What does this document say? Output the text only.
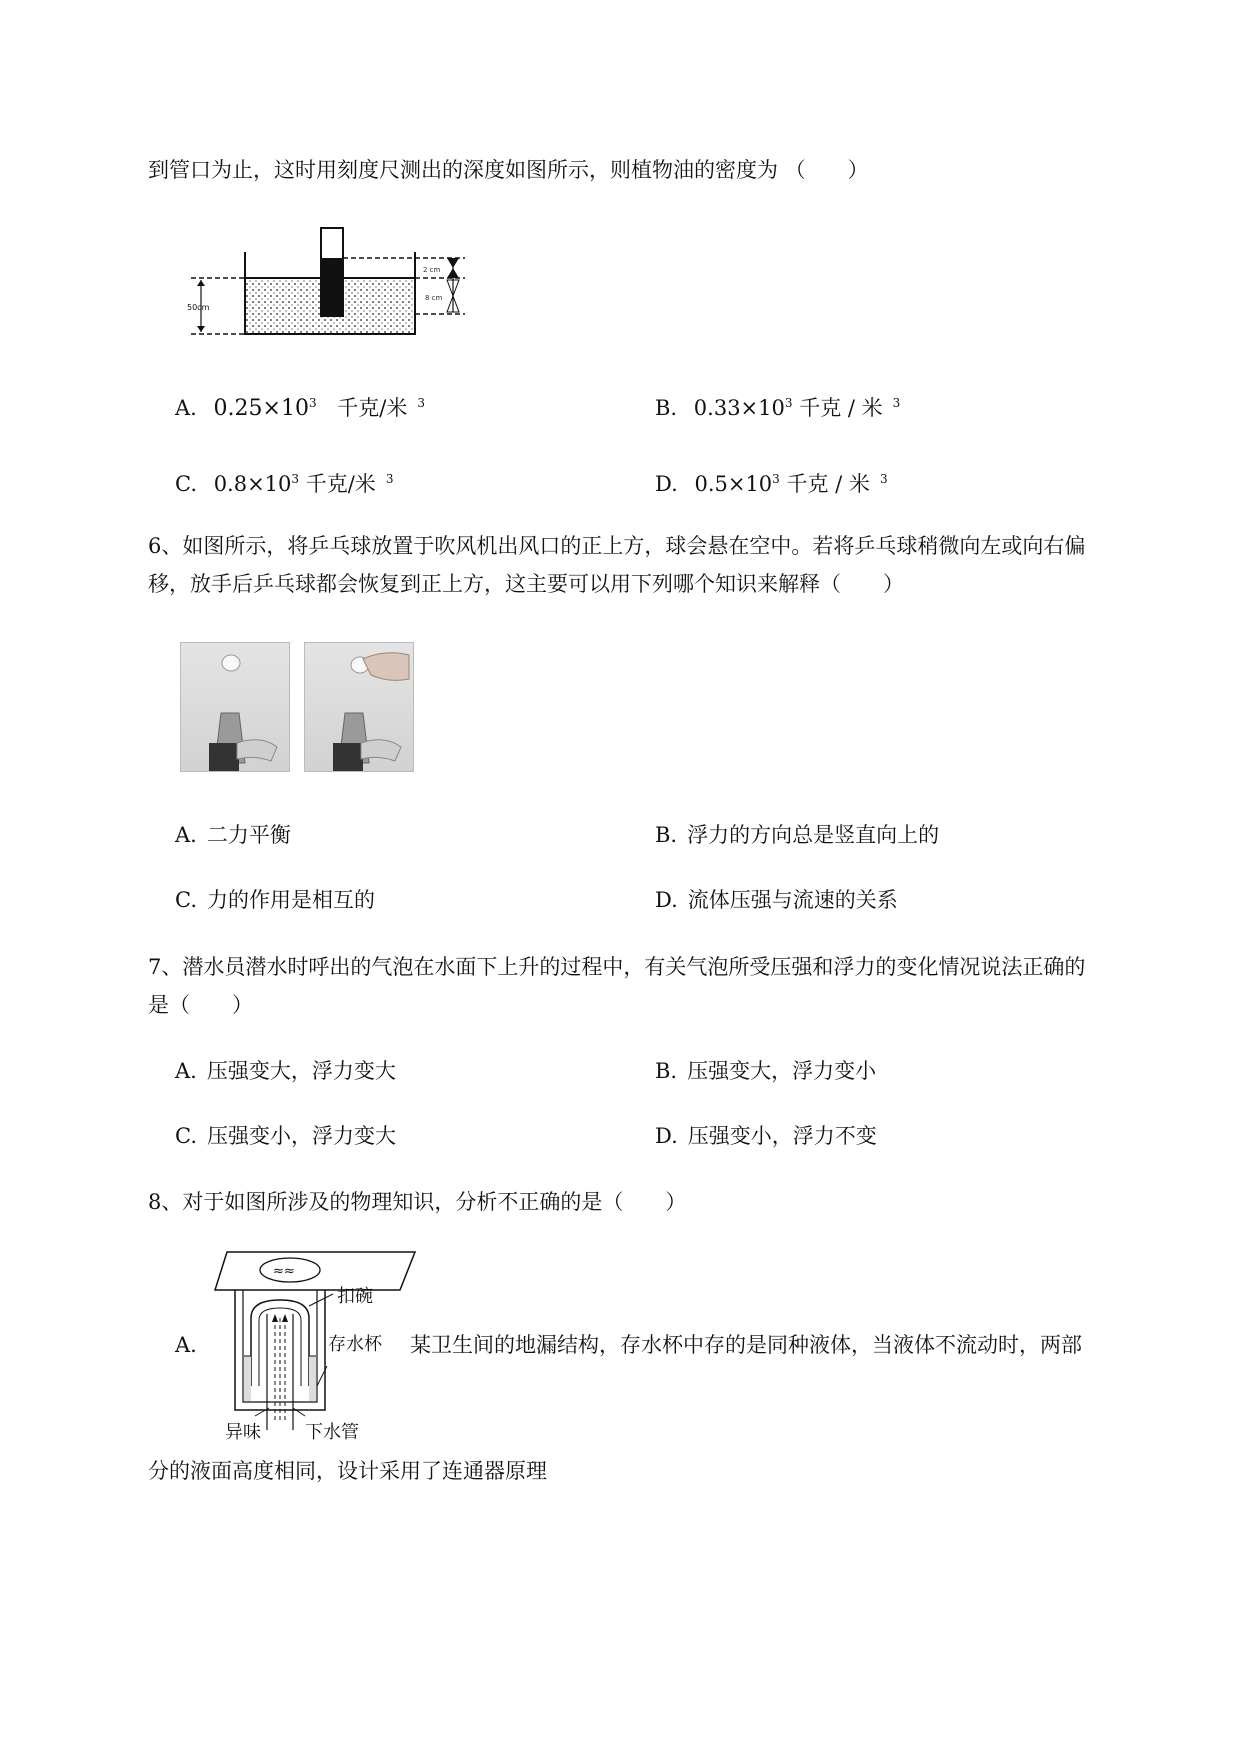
到管口为止，这时用刻度尺测出的深度如图所示，则植物油的密度为 （　　）
50cm
2 cm
8 cm
A. $0.25\times 10^3$ 千克/米 $^3$	B. $0.33\times 10^3$ 千克 / 米 $^3$
C. $0.8\times 10^3$ 千克/米 $^3$	D. $0.5\times 10^3$ 千克 / 米 $^3$
6、如图所示，将乒乓球放置于吹风机出风口的正上方，球会悬在空中。若将乒乓球稍微向左或向右偏
移，放手后乒乓球都会恢复到正上方，这主要可以用下列哪个知识来解释（　　）
A. 二力平衡	B. 浮力的方向总是竖直向上的
C. 力的作用是相互的	D. 流体压强与流速的关系
7、潜水员潜水时呼出的气泡在水面下上升的过程中，有关气泡所受压强和浮力的变化情况说法正确的
是（　　）
A. 压强变大，浮力变大	B. 压强变大，浮力变小
C. 压强变小，浮力变大	D. 压强变小，浮力不变
8、对于如图所涉及的物理知识，分析不正确的是（　　）
A.
≈≈
扣碗
存水杯
异味 下水管
某卫生间的地漏结构，存水杯中存的是同种液体，当液体不流动时，两部
分的液面高度相同，设计采用了连通器原理
